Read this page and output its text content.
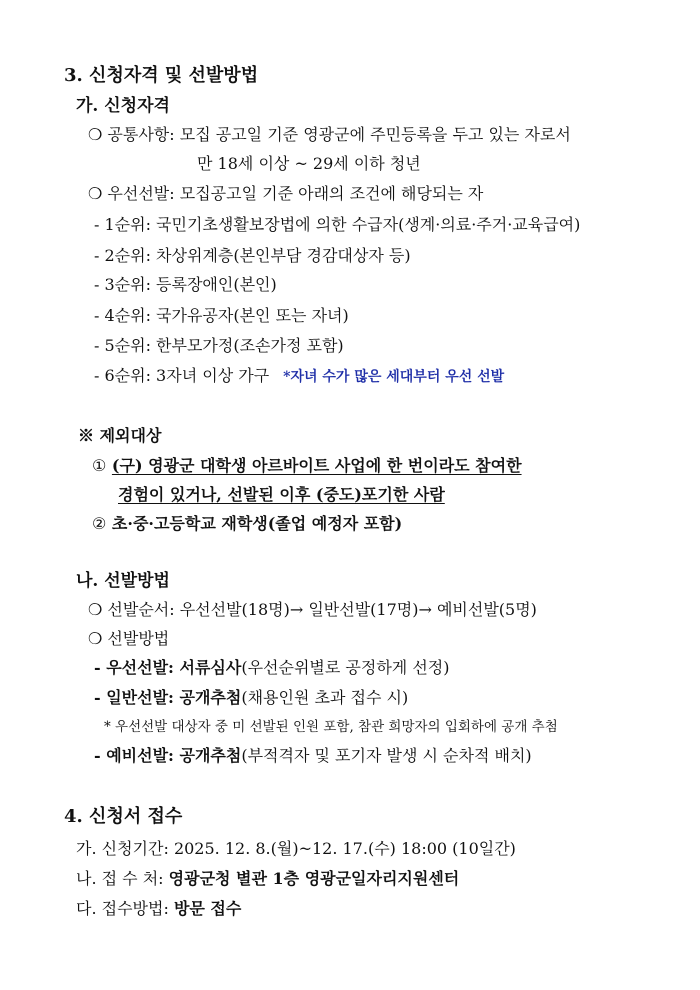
3. 신청자격 및 선발방법
가. 신청자격
❍ 공통사항: 모집 공고일 기준 영광군에 주민등록을 두고 있는 자로서
만 18세 이상 ~ 29세 이하 청년
❍ 우선선발: 모집공고일 기준 아래의 조건에 해당되는 자
- 1순위: 국민기초생활보장법에 의한 수급자(생계·의료·주거·교육급여)
- 2순위: 차상위계층(본인부담 경감대상자 등)
- 3순위: 등록장애인(본인)
- 4순위: 국가유공자(본인 또는 자녀)
- 5순위: 한부모가정(조손가정 포함)
- 6순위: 3자녀 이상 가구 *자녀 수가 많은 세대부터 우선 선발
※ 제외대상
① (구) 영광군 대학생 아르바이트 사업에 한 번이라도 참여한
경험이 있거나, 선발된 이후 (중도)포기한 사람
② 초·중·고등학교 재학생(졸업 예정자 포함)
나. 선발방법
❍ 선발순서: 우선선발(18명)→ 일반선발(17명)→ 예비선발(5명)
❍ 선발방법
- 우선선발: 서류심사(우선순위별로 공정하게 선정)
- 일반선발: 공개추첨(채용인원 초과 접수 시)
* 우선선발 대상자 중 미 선발된 인원 포함, 참관 희망자의 입회하에 공개 추첨
- 예비선발: 공개추첨(부적격자 및 포기자 발생 시 순차적 배치)
4. 신청서 접수
가. 신청기간: 2025. 12. 8.(월)~12. 17.(수) 18:00 (10일간)
나. 접 수 처: 영광군청 별관 1층 영광군일자리지원센터
다. 접수방법: 방문 접수
